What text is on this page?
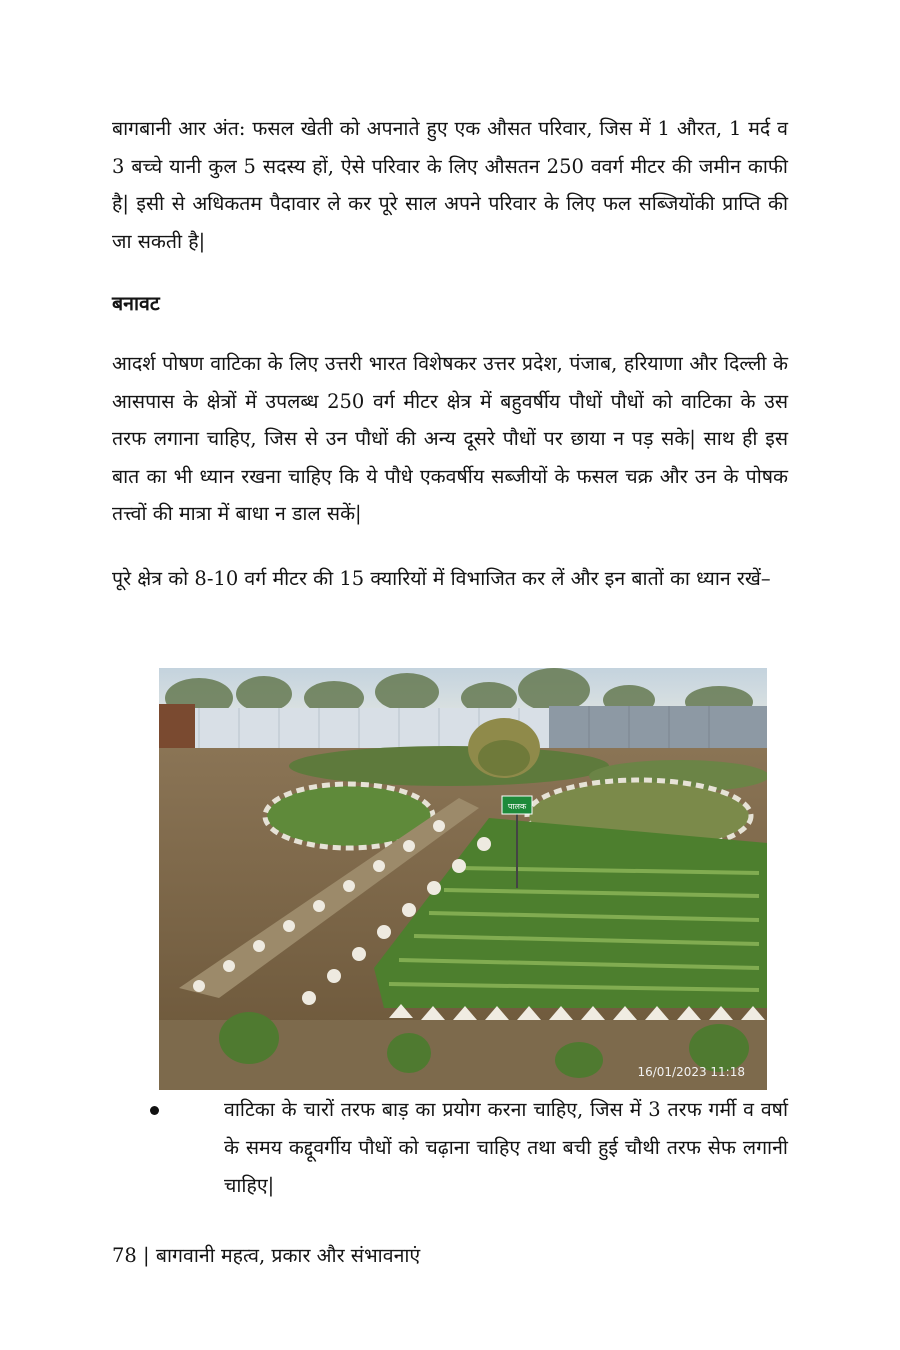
बागबानी आर अंत: फसल खेती को अपनाते हुए एक औसत परिवार, जिस में 1 औरत, 1 मर्द व 3 बच्चे यानी कुल 5 सदस्य हों, ऐसे परिवार के लिए औसतन 250 ववर्ग मीटर की जमीन काफी है| इसी से अधिकतम पैदावार ले कर पूरे साल अपने परिवार के लिए फल सब्जियोंकी प्राप्ति की जा सकती है|

बनावट

आदर्श पोषण वाटिका के लिए उत्तरी भारत विशेषकर उत्तर प्रदेश, पंजाब, हरियाणा और दिल्ली के आसपास के क्षेत्रों में उपलब्ध 250 वर्ग मीटर क्षेत्र में बहुवर्षीय पौधों पौधों को वाटिका के उस तरफ लगाना चाहिए, जिस से उन पौधों की अन्य दूसरे पौधों पर छाया न पड़ सके| साथ ही इस बात का भी ध्यान रखना चाहिए कि ये पौधे एकवर्षीय सब्जीयों के फसल चक्र और उन के पोषक तत्त्वों की मात्रा में बाधा न डाल सकें|

पूरे क्षेत्र को 8-10 वर्ग मीटर की 15 क्यारियों में विभाजित कर लें और इन बातों का ध्यान रखें–

पालक
16/01/2023 11:18

वाटिका के चारों तरफ बाड़ का प्रयोग करना चाहिए, जिस में 3 तरफ गर्मी व वर्षा के समय कद्दूवर्गीय पौधों को चढ़ाना चाहिए तथा बची हुई चौथी तरफ सेफ लगानी चाहिए|

78 | बागवानी महत्व, प्रकार और संभावनाएं
